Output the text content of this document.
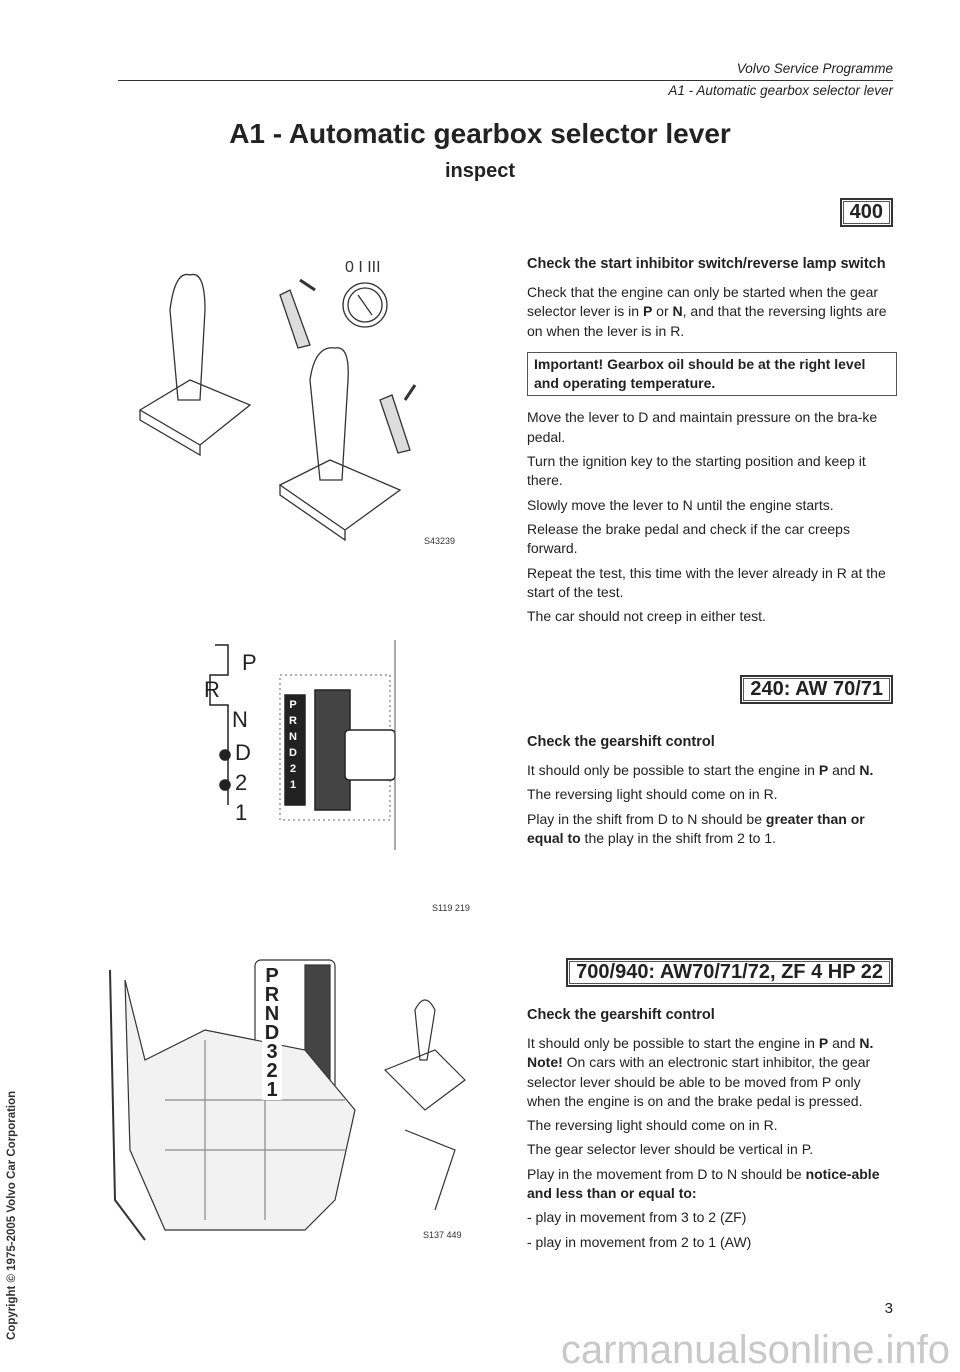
Volvo Service Programme
A1 - Automatic gearbox selector lever
A1 - Automatic gearbox selector lever
inspect
0 I III
S43239
P
R
N
D
2
1
S119 219
P
R
N
D
3
2
1
P
R
N
D
2
1
S137 449
400
Check the start inhibitor switch/reverse lamp switch

Check that the engine can only be started when the gear selector lever is in P or N, and that the reversing lights are on when the lever is in R.

Important! Gearbox oil should be at the right level and operating temperature.

Move the lever to D and maintain pressure on the bra-ke pedal.

Turn the ignition key to the starting position and keep it there.

Slowly move the lever to N until the engine starts.

Release the brake pedal and check if the car creeps forward.

Repeat the test, this time with the lever already in R at the start of the test.

The car should not creep in either test.

240: AW 70/71
Check the gearshift control

It should only be possible to start the engine in P and N.

The reversing light should come on in R.

Play in the shift from D to N should be greater than or equal to the play in the shift from 2 to 1.

700/940: AW70/71/72, ZF 4 HP 22
Check the gearshift control

It should only be possible to start the engine in P and N. Note! On cars with an electronic start inhibitor, the gear selector lever should be able to be moved from P only when the engine is on and the brake pedal is pressed.

The reversing light should come on in R.

The gear selector lever should be vertical in P.

Play in the movement from D to N should be notice-able and less than or equal to:

- play in movement from 3 to 2 (ZF)

- play in movement from 2 to 1 (AW)

3
Copyright © 1975-2005 Volvo Car Corporation
carmanualsonline.info
